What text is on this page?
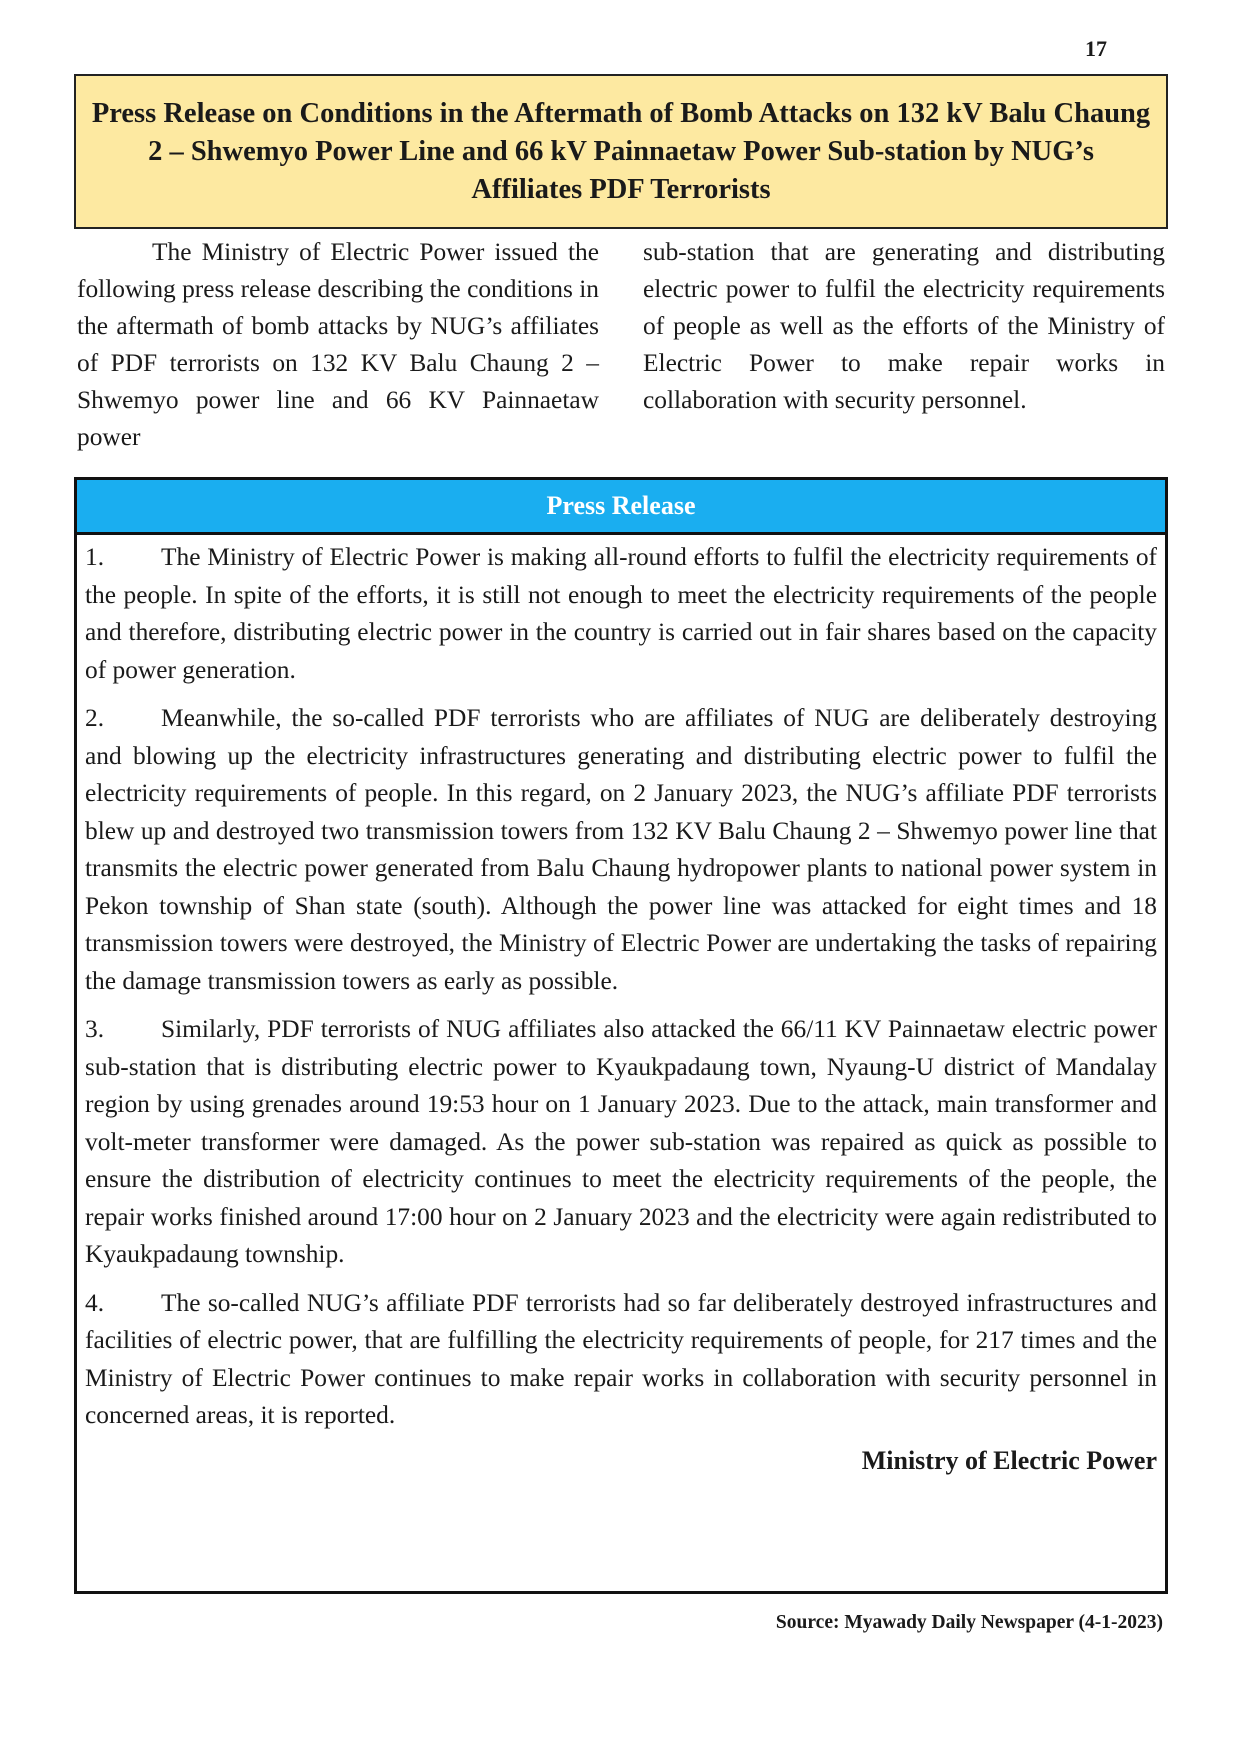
17
Press Release on Conditions in the Aftermath of Bomb Attacks on 132 kV Balu Chaung 2 – Shwemyo Power Line and 66 kV Painnaetaw Power Sub-station by NUG’s Affiliates PDF Terrorists
The Ministry of Electric Power issued the following press release describing the conditions in the aftermath of bomb attacks by NUG’s affiliates of PDF terrorists on 132 KV Balu Chaung 2 – Shwemyo power line and 66 KV Painnaetaw power
sub-station that are generating and distributing electric power to fulfil the electricity requirements of people as well as the efforts of the Ministry of Electric Power to make repair works in collaboration with security personnel.
Press Release

1. The Ministry of Electric Power is making all-round efforts to fulfil the electricity requirements of the people. In spite of the efforts, it is still not enough to meet the electricity requirements of the people and therefore, distributing electric power in the country is carried out in fair shares based on the capacity of power generation.

2. Meanwhile, the so-called PDF terrorists who are affiliates of NUG are deliberately destroying and blowing up the electricity infrastructures generating and distributing electric power to fulfil the electricity requirements of people. In this regard, on 2 January 2023, the NUG’s affiliate PDF terrorists blew up and destroyed two transmission towers from 132 KV Balu Chaung 2 – Shwemyo power line that transmits the electric power generated from Balu Chaung hydropower plants to national power system in Pekon township of Shan state (south). Although the power line was attacked for eight times and 18 transmission towers were destroyed, the Ministry of Electric Power are undertaking the tasks of repairing the damage transmission towers as early as possible.

3. Similarly, PDF terrorists of NUG affiliates also attacked the 66/11 KV Painnaetaw electric power sub-station that is distributing electric power to Kyaukpadaung town, Nyaung-U district of Mandalay region by using grenades around 19:53 hour on 1 January 2023. Due to the attack, main transformer and volt-meter transformer were damaged. As the power sub-station was repaired as quick as possible to ensure the distribution of electricity continues to meet the electricity requirements of the people, the repair works finished around 17:00 hour on 2 January 2023 and the electricity were again redistributed to Kyaukpadaung township.

4. The so-called NUG’s affiliate PDF terrorists had so far deliberately destroyed infrastructures and facilities of electric power, that are fulfilling the electricity requirements of people, for 217 times and the Ministry of Electric Power continues to make repair works in collaboration with security personnel in concerned areas, it is reported.

Ministry of Electric Power
Source: Myawady Daily Newspaper (4-1-2023)
